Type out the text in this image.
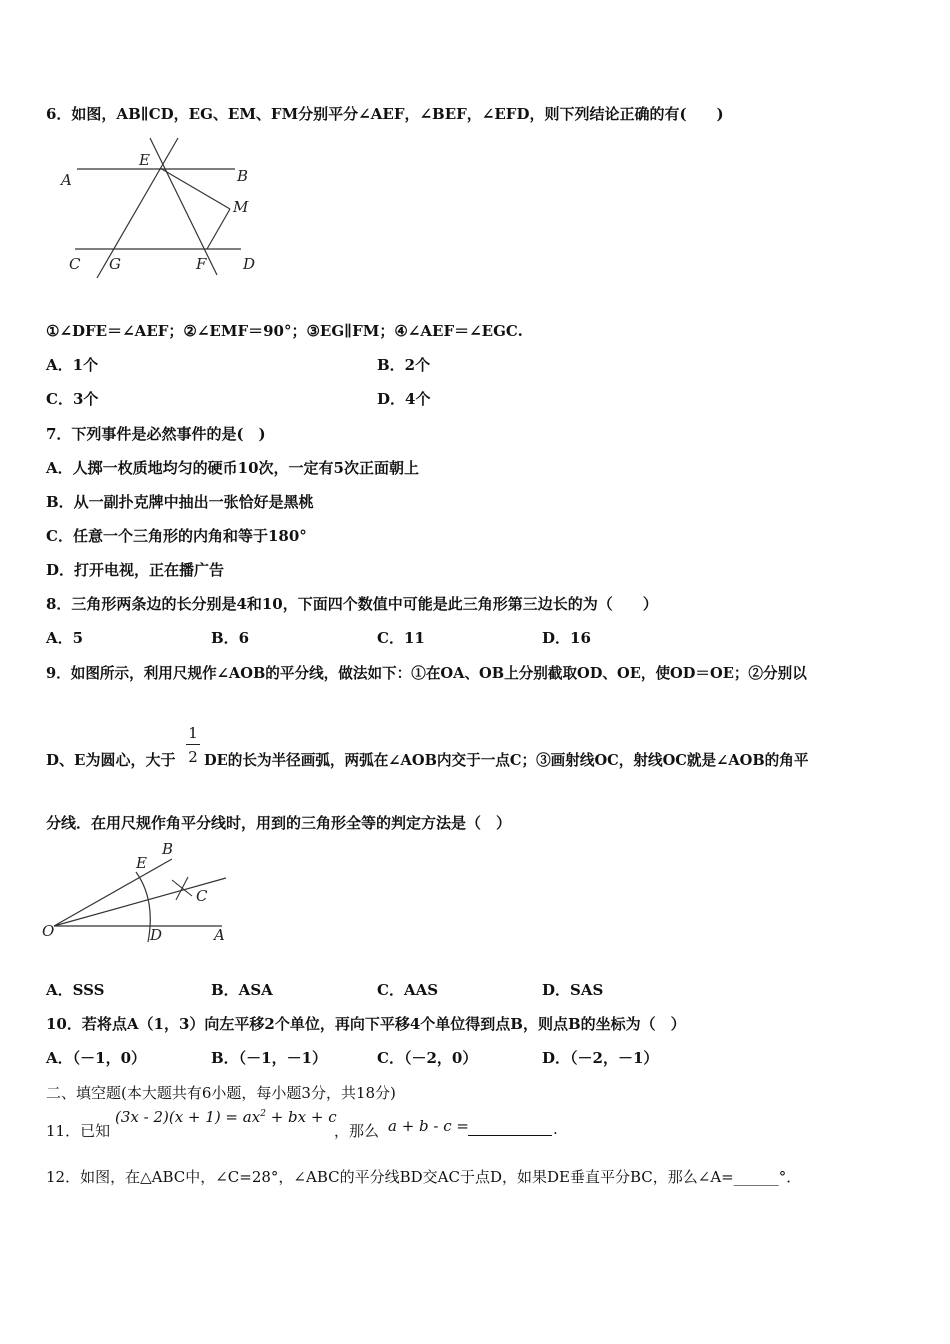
6．如图，AB∥CD，EG、EM、FM分别平分∠AEF，∠BEF，∠EFD，则下列结论正确的有(　　)
A	B
C	D
E
F
G
M
①∠DFE＝∠AEF；②∠EMF＝90°；③EG∥FM；④∠AEF＝∠EGC.
A．1个	B．2个
C．3个	D．4个
7．下列事件是必然事件的是(　)
A．人掷一枚质地均匀的硬币10次，一定有5次正面朝上
B．从一副扑克牌中抽出一张恰好是黑桃
C．任意一个三角形的内角和等于180°
D．打开电视，正在播广告
8．三角形两条边的长分别是4和10，下面四个数值中可能是此三角形第三边长的为（　　）
A．5	B．6	C．11	D．16
9．如图所示，利用尺规作∠AOB的平分线，做法如下：①在OA、OB上分别截取OD、OE，使OD＝OE；②分别以
D、E为圆心，大于
1
2 DE的长为半径画弧，两弧在∠AOB内交于一点C；③画射线OC，射线OC就是∠AOB的角平
分线．在用尺规作角平分线时，用到的三角形全等的判定方法是（　）
O	A
B
C
D
E
A．SSS	B．ASA	C．AAS	D．SAS
10．若将点A（1，3）向左平移2个单位，再向下平移4个单位得到点B，则点B的坐标为（　）
A．（－1，0）	B．（－1，－1）	C．（－2，0）	D．（－2，－1）
二、填空题(本大题共有6小题，每小题3分，共18分)
11．已知
$(3x - 2)(x + 1) = ax^2$ + bx + c
，那么 a + b - c =	.
12．如图，在△ABC中，∠C=28°，∠ABC的平分线BD交AC于点D，如果DE垂直平分BC，那么∠A=______°．
